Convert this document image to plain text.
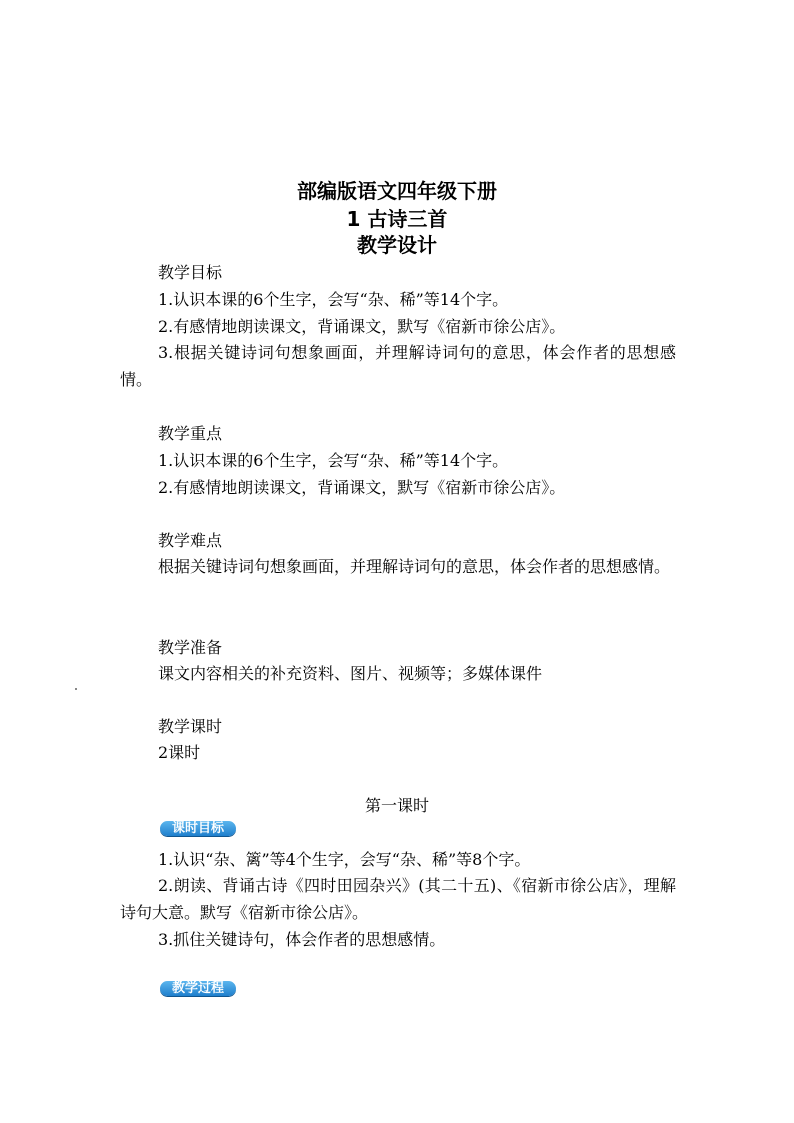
部编版语文四年级下册
1 古诗三首
教学设计
教学目标
1.认识本课的6个生字，会写“杂、稀”等14个字。
2.有感情地朗读课文，背诵课文，默写《宿新市徐公店》。
3.根据关键诗词句想象画面，并理解诗词句的意思，体会作者的思想感情。
教学重点
1.认识本课的6个生字，会写“杂、稀”等14个字。
2.有感情地朗读课文，背诵课文，默写《宿新市徐公店》。
教学难点
根据关键诗词句想象画面，并理解诗词句的意思，体会作者的思想感情。
教学准备
课文内容相关的补充资料、图片、视频等；多媒体课件
教学课时
2课时
第一课时
课时目标
1.认识“杂、篱”等4个生字，会写“杂、稀”等8个字。
2.朗读、背诵古诗《四时田园杂兴》(其二十五)、《宿新市徐公店》，理解诗句大意。默写《宿新市徐公店》。
3.抓住关键诗句，体会作者的思想感情。
教学过程
